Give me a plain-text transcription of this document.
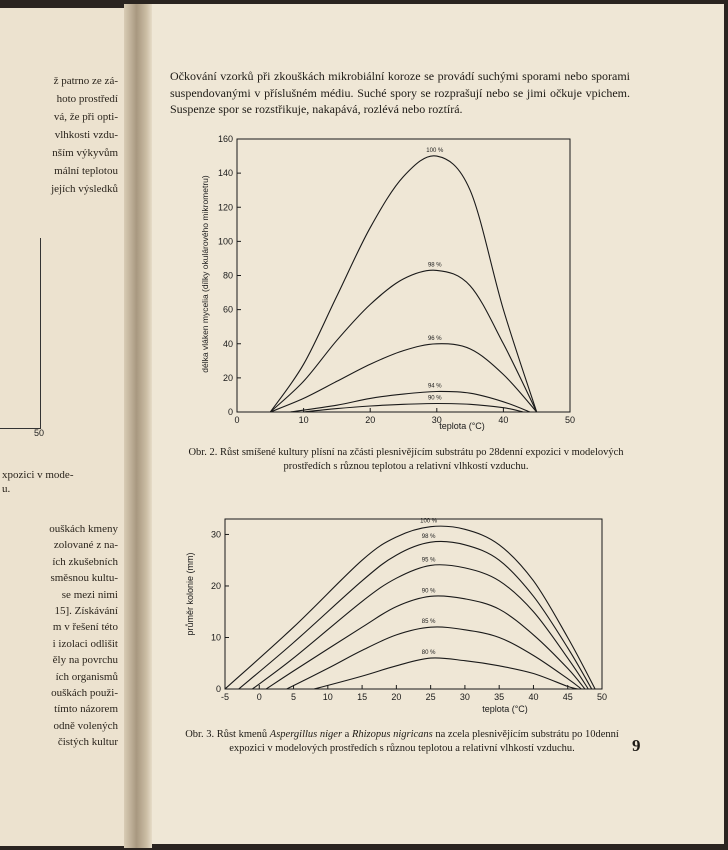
ž patrno ze zá-
hoto prostředí
vá, že při opti-
vlhkosti vzdu-
nším výkyvům
mální teplotou
jejích výsledků
50
xpozici v mode-
u.
ouškách kmeny
zolované z na-
ích zkušebních
směsnou kultu-
se mezi nimi
15]. Získávání
m v řešení této
i izolaci odlišit
ěly na povrchu
ích organismů
ouškách použi-
tímto názorem
odně volených
čistých kultur
Očkování vzorků při zkouškách mikrobiální koroze se provádí suchými sporami nebo sporami suspendovanými v příslušném médiu. Suché spory se rozprašují nebo se jimi očkuje vpichem. Suspenze spor se rozstřikuje, nakapává, rozlévá nebo roztírá.
0	10	20	30	40	50
0
20
40
60
80
100
120
140
160
100 %
98 %
96 %
94 %
90 %
teplota (°C)
délka vláken mycelia (dílky okulárového mikrometru)
Obr. 2. Růst smíšené kultury plísní na zčásti plesnivějícím substrátu po 28denní expozici v modelových prostředích s různou teplotou a relativní vlhkostí vzduchu.
-5	0	5	10	15	20	25	30	35	40	45	50
0
10
20
30
100 %
98 %
95 %
90 %
85 %
80 %
teplota (°C)
průměr kolonie (mm)
Obr. 3. Růst kmenů Aspergillus niger a Rhizopus nigricans na zcela plesnivějícím substrátu po 10denní expozici v modelových prostředích s různou teplotou a relativní vlhkostí vzduchu.	9
